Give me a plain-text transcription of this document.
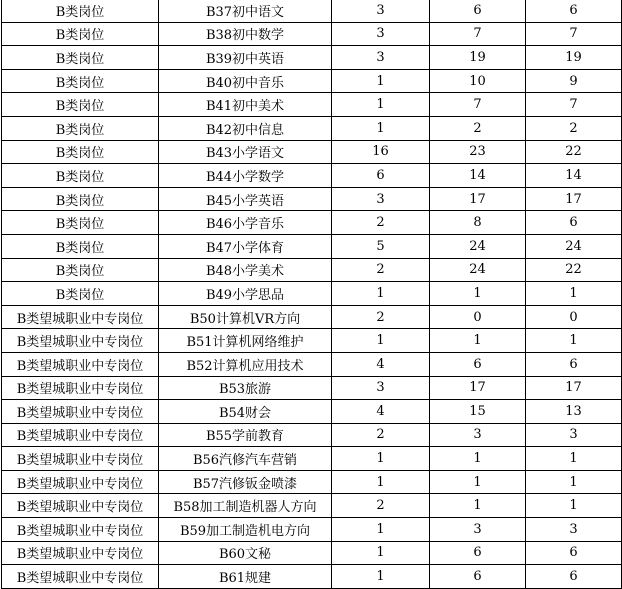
B类岗位	B37初中语文	3	6	6
B类岗位	B38初中数学	3	7	7
B类岗位	B39初中英语	3	19	19
B类岗位	B40初中音乐	1	10	9
B类岗位	B41初中美术	1	7	7
B类岗位	B42初中信息	1	2	2
B类岗位	B43小学语文	16	23	22
B类岗位	B44小学数学	6	14	14
B类岗位	B45小学英语	3	17	17
B类岗位	B46小学音乐	2	8	6
B类岗位	B47小学体育	5	24	24
B类岗位	B48小学美术	2	24	22
B类岗位	B49小学思品	1	1	1
B类望城职业中专岗位	B50计算机VR方向	2	0	0
B类望城职业中专岗位	B51计算机网络维护	1	1	1
B类望城职业中专岗位	B52计算机应用技术	4	6	6
B类望城职业中专岗位	B53旅游	3	17	17
B类望城职业中专岗位	B54财会	4	15	13
B类望城职业中专岗位	B55学前教育	2	3	3
B类望城职业中专岗位	B56汽修汽车营销	1	1	1
B类望城职业中专岗位	B57汽修钣金喷漆	1	1	1
B类望城职业中专岗位	B58加工制造机器人方向	2	1	1
B类望城职业中专岗位	B59加工制造机电方向	1	3	3
B类望城职业中专岗位	B60文秘	1	6	6
B类望城职业中专岗位	B61规建	1	6	6
